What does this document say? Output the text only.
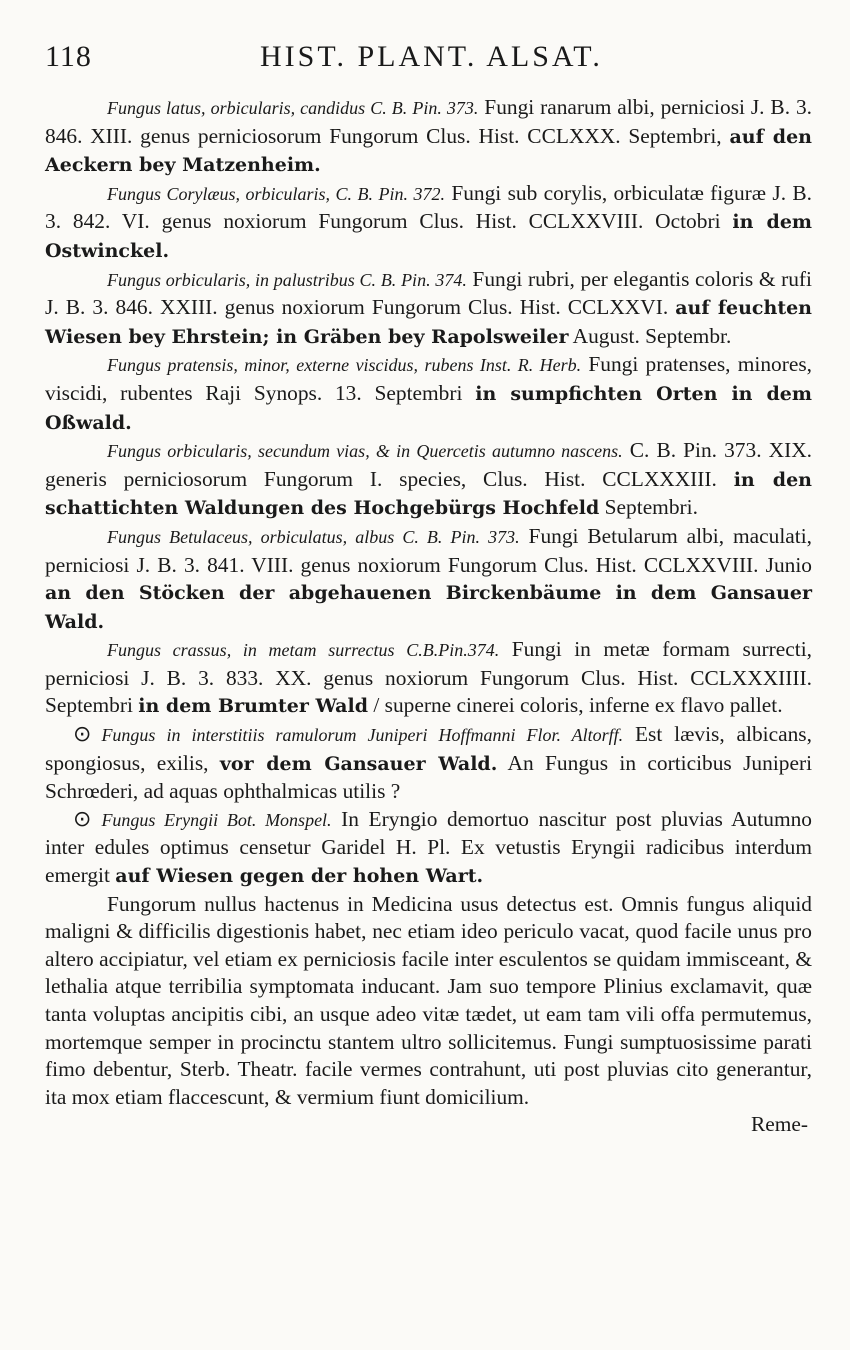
118	HIST. PLANT. ALSAT.

Fungus latus, orbicularis, candidus C. B. Pin. 373. Fungi ranarum albi, perniciosi J. B. 3. 846. XIII. genus perniciosorum Fungorum Clus. Hist. CCLXXX. Septembri, auf den Aeckern bey Matzenheim.

Fungus Corylæus, orbicularis, C. B. Pin. 372. Fungi sub corylis, orbiculatæ figuræ J. B. 3. 842. VI. genus noxiorum Fungorum Clus. Hist. CCLXXVIII. Octobri in dem Ostwinckel.

Fungus orbicularis, in palustribus C. B. Pin. 374. Fungi rubri, per elegantis coloris & rufi J. B. 3. 846. XXIII. genus noxiorum Fungorum Clus. Hist. CCLXXVI. auf feuchten Wiesen bey Ehrstein; in Gräben bey Rapolsweiler August. Septembr.

Fungus pratensis, minor, externe viscidus, rubens Inst. R. Herb. Fungi pratenses, minores, viscidi, rubentes Raji Synops. 13. Septembri in sumpfichten Orten in dem Oßwald.

Fungus orbicularis, secundum vias, & in Quercetis autumno nascens. C. B. Pin. 373. XIX. generis perniciosorum Fungorum I. species, Clus. Hist. CCLXXXIII. in den schattichten Waldungen des Hochgebürgs Hochfeld Septembri.

Fungus Betulaceus, orbiculatus, albus C. B. Pin. 373. Fungi Betularum albi, maculati, perniciosi J. B. 3. 841. VIII. genus noxiorum Fungorum Clus. Hist. CCLXXVIII. Junio an den Stöcken der abgehauenen Birckenbäume in dem Gansauer Wald.

Fungus crassus, in metam surrectus C.B.Pin.374. Fungi in metæ formam surrecti, perniciosi J. B. 3. 833. XX. genus noxiorum Fungorum Clus. Hist. CCLXXXIIII. Septembri in dem Brumter Wald / superne cinerei coloris, inferne ex flavo pallet.

⊙ Fungus in interstitiis ramulorum Juniperi Hoffmanni Flor. Altorff. Est lævis, albicans, spongiosus, exilis, vor dem Gansauer Wald. An Fungus in corticibus Juniperi Schrœderi, ad aquas ophthalmicas utilis ?

⊙ Fungus Eryngii Bot. Monspel. In Eryngio demortuo nascitur post pluvias Autumno inter edules optimus censetur Garidel H. Pl. Ex vetustis Eryngii radicibus interdum emergit auf Wiesen gegen der hohen Wart.

Fungorum nullus hactenus in Medicina usus detectus est. Omnis fungus aliquid maligni & difficilis digestionis habet, nec etiam ideo periculo vacat, quod facile unus pro altero accipiatur, vel etiam ex perniciosis facile inter esculentos se quidam immisceant, & lethalia atque terribilia symptomata inducant. Jam suo tempore Plinius exclamavit, quæ tanta voluptas ancipitis cibi, an usque adeo vitæ tædet, ut eam tam vili offa permutemus, mortemque semper in procinctu stantem ultro sollicitemus. Fungi sumptuosissime parati fimo debentur, Sterb. Theatr. facile vermes contrahunt, uti post pluvias cito generantur, ita mox etiam flaccescunt, & vermium fiunt domicilium.

Reme-
